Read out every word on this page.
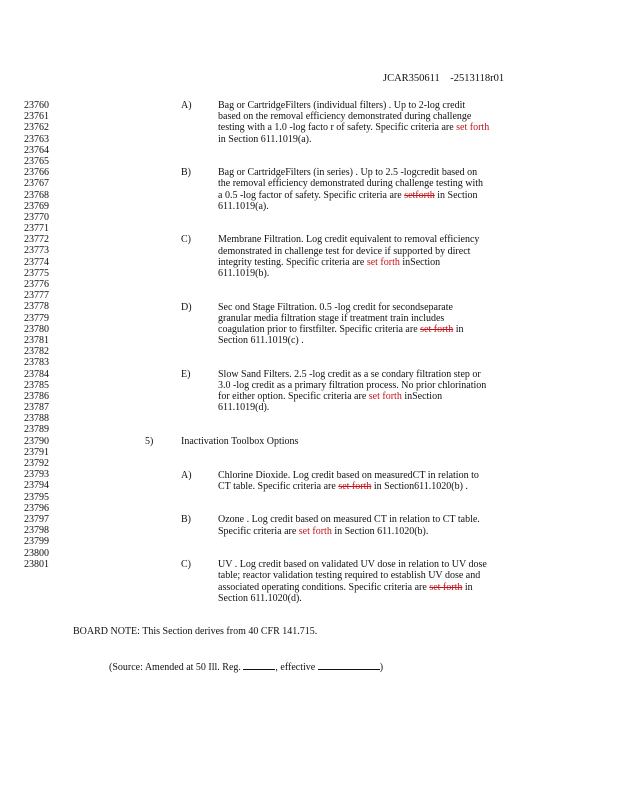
JCAR350611    -2513118r01
23760
23761
23762
23763
23764
23765
23766
23767
23768
23769
23770
23771
23772
23773
23774
23775
23776
23777
23778
23779
23780
23781
23782
23783
23784
23785
23786
23787
23788
23789
23790
23791
23792
23793
23794
23795
23796
23797
23798
23799
23800
23801
A)	Bag or CartridgeFilters (individual filters) . Up to 2-log credit
based on the removal efficiency demonstrated during challenge
testing with a 1.0 -log facto r of safety. Specific criteria are set forth
in Section 611.1019(a).
B)	Bag or CartridgeFilters (in series) . Up to 2.5 -logcredit based on
the removal efficiency demonstrated during challenge testing with
a 0.5 -log factor of safety. Specific criteria are setforth in Section
611.1019(a).
C)	Membrane Filtration. Log credit equivalent to removal efficiency
demonstrated in challenge test for device if supported by direct
integrity testing. Specific criteria are set forth inSection
611.1019(b).
D)	Sec ond Stage Filtration. 0.5 -log credit for secondseparate
granular media filtration stage if treatment train includes
coagulation prior to firstfilter. Specific criteria are set forth in
Section 611.1019(c) .
E)	Slow Sand Filters. 2.5 -log credit as a se condary filtration step or
3.0 -log credit as a primary filtration process. No prior chlorination
for either option. Specific criteria are set forth inSection
611.1019(d).
5)	Inactivation Toolbox Options
A)	Chlorine Dioxide. Log credit based on measuredCT in relation to
CT table. Specific criteria are set forth in Section611.1020(b) .
B)	Ozone . Log credit based on measured CT in relation to CT table.
Specific criteria are set forth in Section 611.1020(b).
C)	UV . Log credit based on validated UV dose in relation to UV dose
table; reactor validation testing required to establish UV dose and
associated operating conditions. Specific criteria are set forth in
Section 611.1020(d).
BOARD NOTE: This Section derives from 40 CFR 141.715.
(Source: Amended at 50 Ill. Reg.	, effective	)
